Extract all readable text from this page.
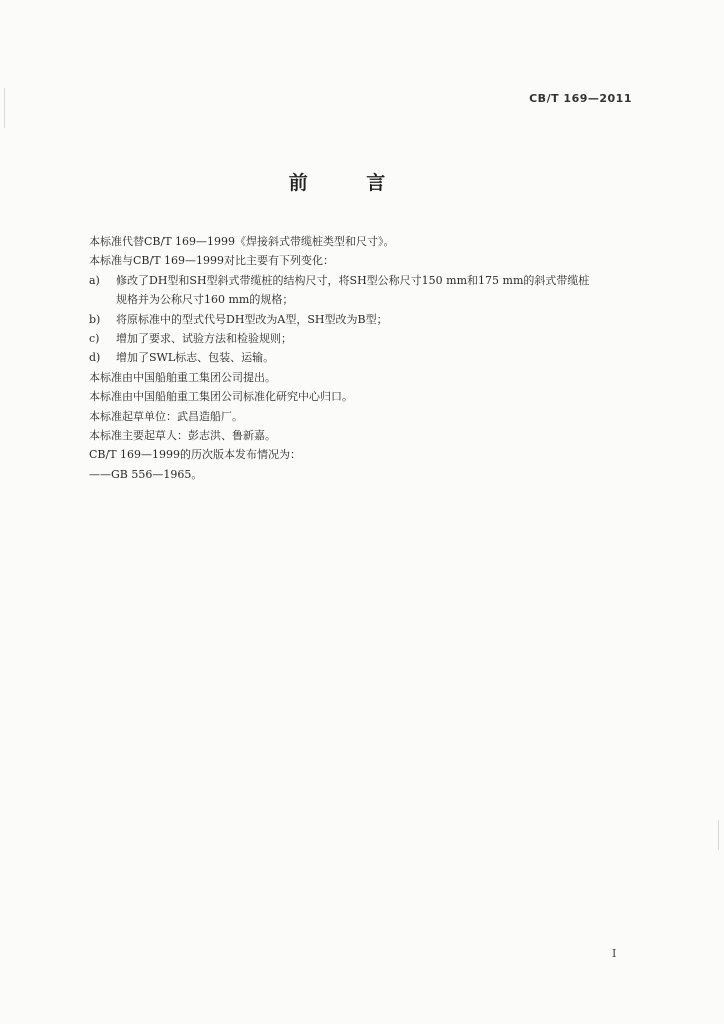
CB/T 169—2011
前 言
本标准代替CB/T 169—1999《焊接斜式带缆桩类型和尺寸》。
本标准与CB/T 169—1999对比主要有下列变化：
a)	修改了DH型和SH型斜式带缆桩的结构尺寸，将SH型公称尺寸150 mm和175 mm的斜式带缆桩
规格并为公称尺寸160 mm的规格；
b)	将原标准中的型式代号DH型改为A型，SH型改为B型；
c)	增加了要求、试验方法和检验规则；
d)	增加了SWL标志、包装、运输。
本标准由中国船舶重工集团公司提出。
本标准由中国船舶重工集团公司标准化研究中心归口。
本标准起草单位：武昌造船厂。
本标准主要起草人：彭志洪、鲁新嘉。
CB/T 169—1999的历次版本发布情况为：
——GB 556—1965。
I
